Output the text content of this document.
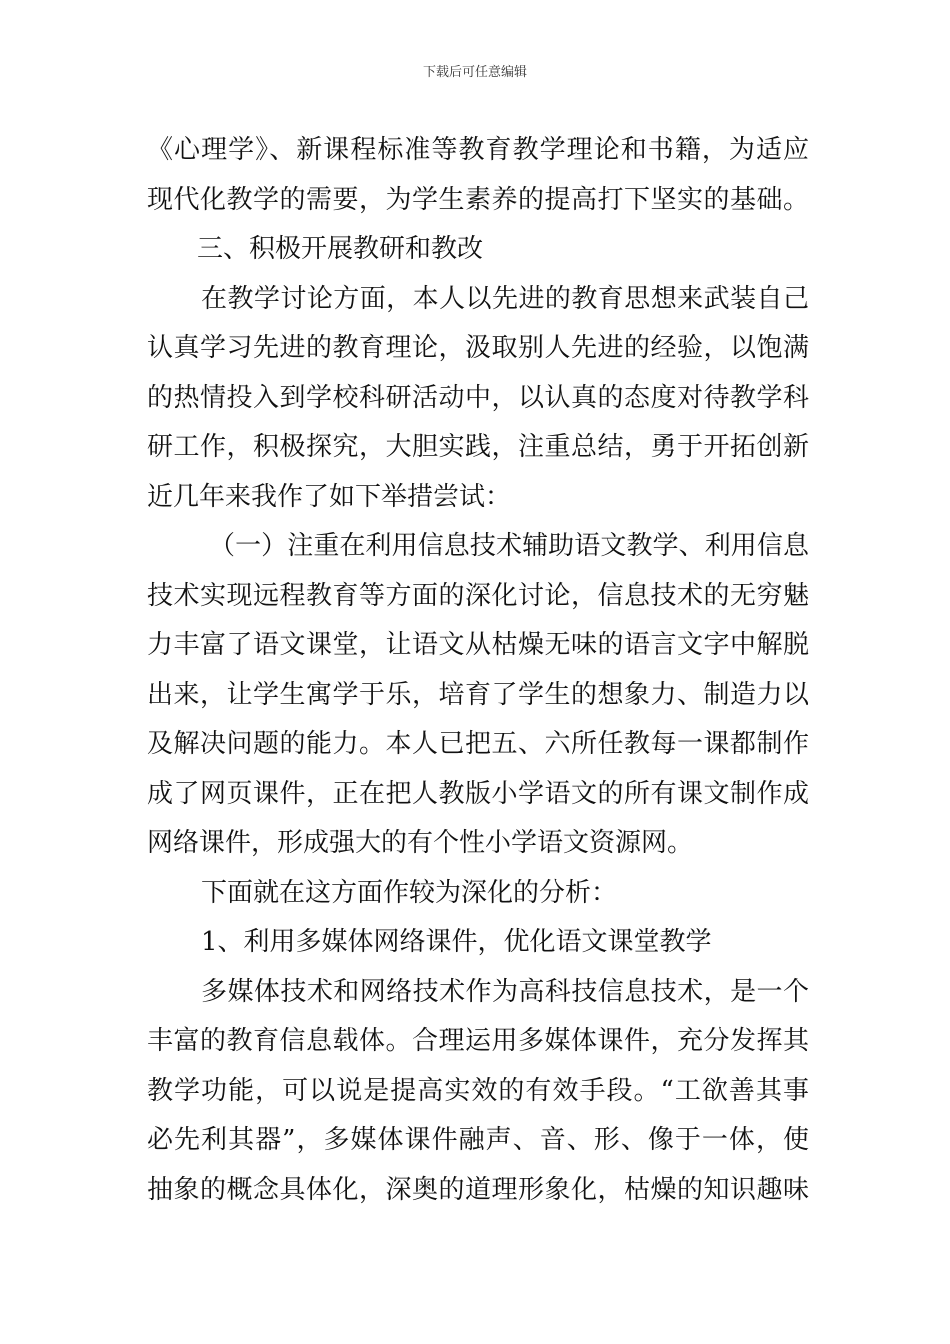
下载后可任意编辑
《心理学》、新课程标准等教育教学理论和书籍，为适应
现代化教学的需要，为学生素养的提高打下坚实的基础。
三、积极开展教研和教改
在教学讨论方面，本人以先进的教育思想来武装自己
认真学习先进的教育理论，汲取别人先进的经验，以饱满
的热情投入到学校科研活动中，以认真的态度对待教学科
研工作，积极探究，大胆实践，注重总结，勇于开拓创新
近几年来我作了如下举措尝试：
（一）注重在利用信息技术辅助语文教学、利用信息
技术实现远程教育等方面的深化讨论，信息技术的无穷魅
力丰富了语文课堂，让语文从枯燥无味的语言文字中解脱
出来，让学生寓学于乐，培育了学生的想象力、制造力以
及解决问题的能力。本人已把五、六所任教每一课都制作
成了网页课件，正在把人教版小学语文的所有课文制作成
网络课件，形成强大的有个性小学语文资源网。
下面就在这方面作较为深化的分析：
1、利用多媒体网络课件，优化语文课堂教学
多媒体技术和网络技术作为高科技信息技术，是一个
丰富的教育信息载体。合理运用多媒体课件，充分发挥其
教学功能，可以说是提高实效的有效手段。“工欲善其事
必先利其器”，多媒体课件融声、音、形、像于一体，使
抽象的概念具体化，深奥的道理形象化，枯燥的知识趣味
